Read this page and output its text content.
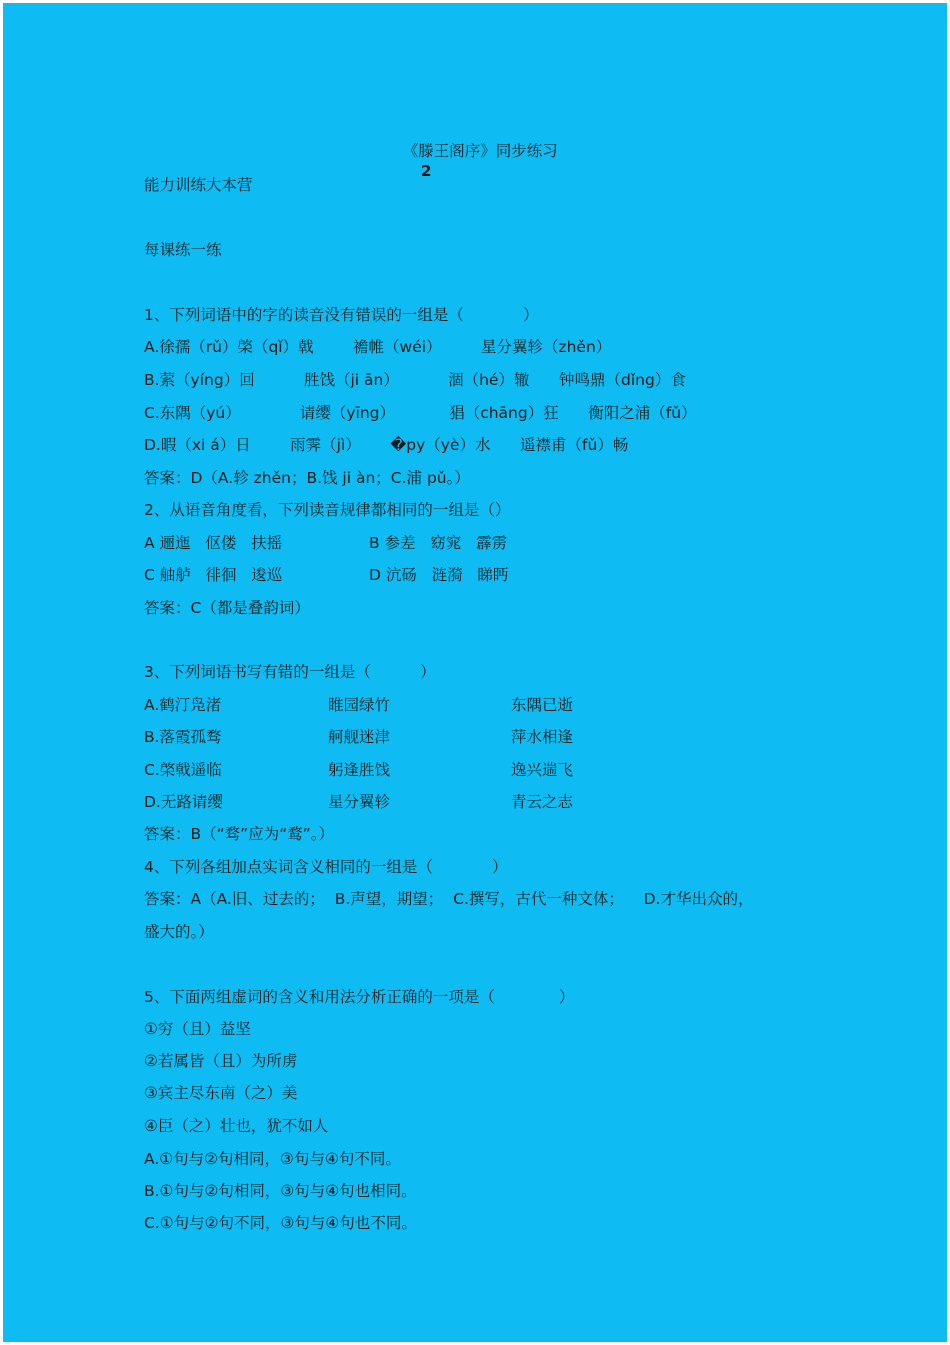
《滕王阁序》同步练习
2

能力训练大本营
每课练一练
1、下列词语中的字的读音没有错误的一组是（            ）
A.徐孺（rǔ）棨（qǐ）戟        襜帷（wéi）        星分翼轸（zhěn）
B.萦（yíng）回          胜饯（ji ān）          涸（hé）辙      钟鸣鼎（dǐng）食
C.东隅（yú）            请缨（yīng）           猖（chāng）狂      衡阳之浦（fǔ）
D.暇（xi á）日        雨霁（jì）      �py（yè）水      遥襟甫（fǔ）畅
答案：D（A.轸 zhěn；B.饯 ji àn；C.浦 pǔ。）
2、从语音角度看，下列读音规律都相同的一组是（）
A 逦迤   伛偻   扶摇	B 参差   窈窕   霹雳
C 舳舻   徘徊   逡巡	D 沆砀   涟漪   睇眄
答案：C（都是叠韵词）
3、下列词语书写有错的一组是（          ）
A.鹤汀凫渚	睢园绿竹	东隅已逝
B.落霞孤骛	舸舰迷津	萍水相逢
C.棨戟遥临	躬逢胜饯	逸兴遄飞
D.无路请缨	星分翼轸	青云之志
答案：B（“骛”应为“鹜”。）
4、下列各组加点实词含义相同的一组是（            ）
答案：A（A.旧、过去的；  B.声望，期望；  C.撰写，古代一种文体；    D.才华出众的，
盛大的。）
5、下面两组虚词的含义和用法分析正确的一项是（             ）
①穷（且）益坚
②若属皆（且）为所虏
③宾主尽东南（之）美
④臣（之）壮也，犹不如人
A.①句与②句相同，③句与④句不同。
B.①句与②句相同，③句与④句也相同。
C.①句与②句不同，③句与④句也不同。
